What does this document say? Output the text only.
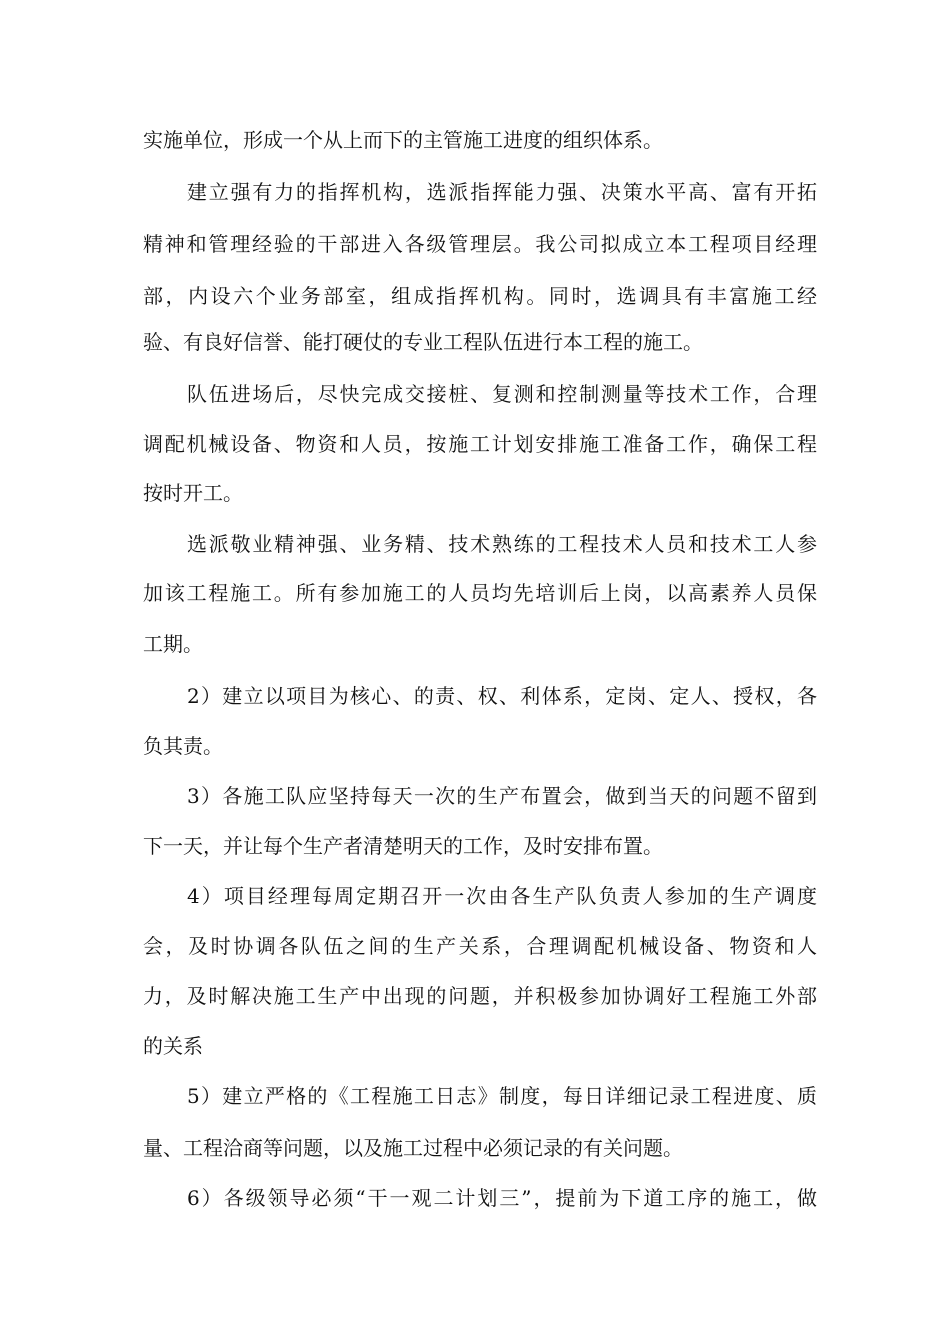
实施单位，形成一个从上而下的主管施工进度的组织体系。
建立强有力的指挥机构，选派指挥能力强、决策水平高、富有开拓
精神和管理经验的干部进入各级管理层。我公司拟成立本工程项目经理
部，内设六个业务部室，组成指挥机构。同时，选调具有丰富施工经
验、有良好信誉、能打硬仗的专业工程队伍进行本工程的施工。
队伍进场后，尽快完成交接桩、复测和控制测量等技术工作，合理
调配机械设备、物资和人员，按施工计划安排施工准备工作，确保工程
按时开工。
选派敬业精神强、业务精、技术熟练的工程技术人员和技术工人参
加该工程施工。所有参加施工的人员均先培训后上岗，以高素养人员保
工期。
2）建立以项目为核心、的责、权、利体系，定岗、定人、授权，各
负其责。
3）各施工队应坚持每天一次的生产布置会，做到当天的问题不留到
下一天，并让每个生产者清楚明天的工作，及时安排布置。
4）项目经理每周定期召开一次由各生产队负责人参加的生产调度
会，及时协调各队伍之间的生产关系，合理调配机械设备、物资和人
力，及时解决施工生产中出现的问题，并积极参加协调好工程施工外部
的关系
5）建立严格的《工程施工日志》制度，每日详细记录工程进度、质
量、工程洽商等问题，以及施工过程中必须记录的有关问题。
6）各级领导必须“干一观二计划三”，提前为下道工序的施工，做
